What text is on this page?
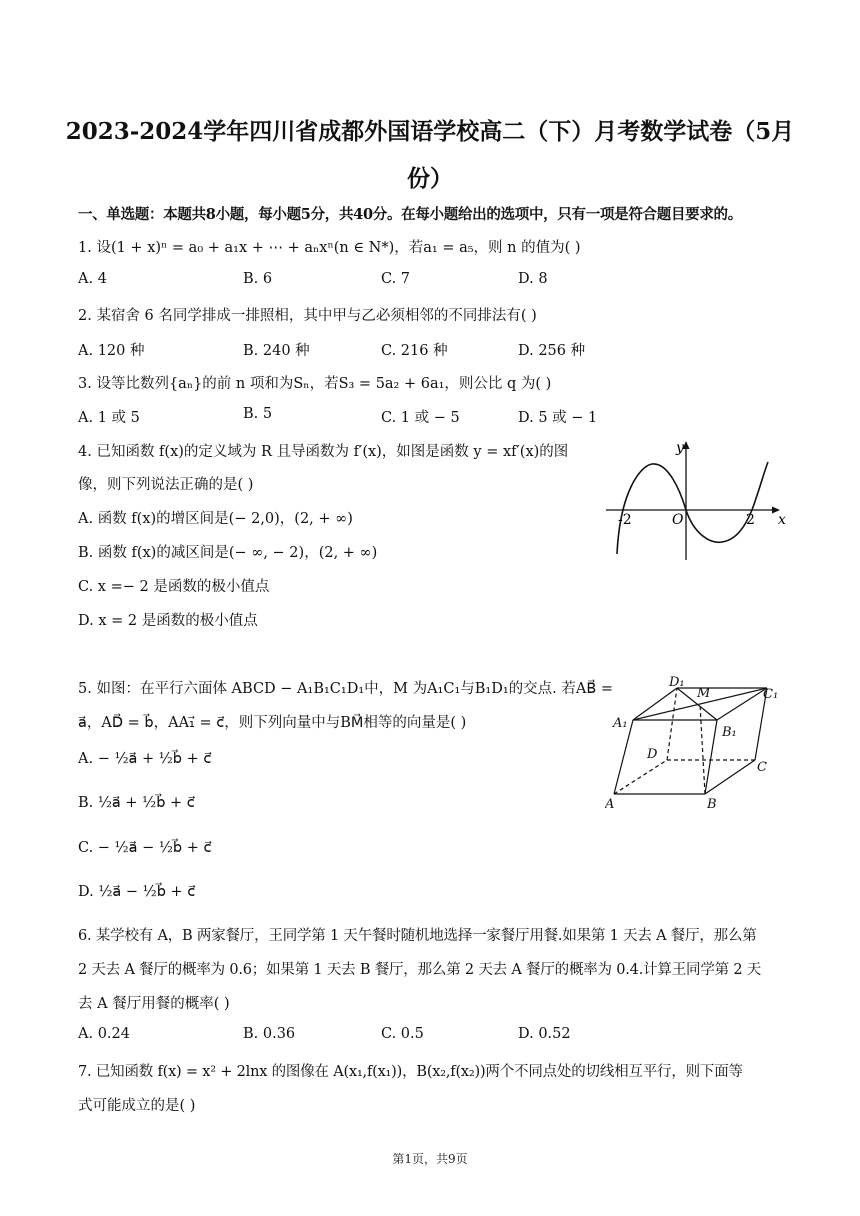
2023-2024学年四川省成都外国语学校高二（下）月考数学试卷（5月
份）
一、单选题：本题共8小题，每小题5分，共40分。在每小题给出的选项中，只有一项是符合题目要求的。
1. 设(1 + x)ⁿ = a₀ + a₁x + ⋯ + aₙxⁿ(n ∈ N*)，若a₁ = a₅，则 n 的值为( )
A. 4	B. 6	C. 7	D. 8
2. 某宿舍 6 名同学排成一排照相，其中甲与乙必须相邻的不同排法有( )
A. 120 种	B. 240 种	C. 216 种	D. 256 种
3. 设等比数列{aₙ}的前 n 项和为Sₙ，若S₃ = 5a₂ + 6a₁，则公比 q 为( )
A. 1 或 5	B. 5	C. 1 或 − 5	D. 5 或 − 1
4. 已知函数 f(x)的定义域为 R 且导函数为 f′(x)，如图是函数 y = xf′(x)的图
像，则下列说法正确的是( )
A. 函数 f(x)的增区间是(− 2,0)，(2, + ∞)
B. 函数 f(x)的减区间是(− ∞, − 2)，(2, + ∞)
C. x =− 2 是函数的极小值点
D. x = 2 是函数的极小值点
y
x
O
-2	2
5. 如图：在平行六面体 ABCD − A₁B₁C₁D₁中，M 为A₁C₁与B₁D₁的交点. 若AB⃗ =
a⃗，AD⃗ = b⃗，AA₁⃗ = c⃗，则下列向量中与BM⃗相等的向量是( )
A. − ½a⃗ + ½b⃗ + c⃗
B. ½a⃗ + ½b⃗ + c⃗
C. − ½a⃗ − ½b⃗ + c⃗
D. ½a⃗ − ½b⃗ + c⃗
A	B
C
D
A₁
B₁
C₁
D₁
M
6. 某学校有 A，B 两家餐厅，王同学第 1 天午餐时随机地选择一家餐厅用餐.如果第 1 天去 A 餐厅，那么第
2 天去 A 餐厅的概率为 0.6；如果第 1 天去 B 餐厅，那么第 2 天去 A 餐厅的概率为 0.4.计算王同学第 2 天
去 A 餐厅用餐的概率( )
A. 0.24	B. 0.36	C. 0.5	D. 0.52
7. 已知函数 f(x) = x² + 2lnx 的图像在 A(x₁,f(x₁))，B(x₂,f(x₂))两个不同点处的切线相互平行，则下面等
式可能成立的是( )
第1页，共9页
